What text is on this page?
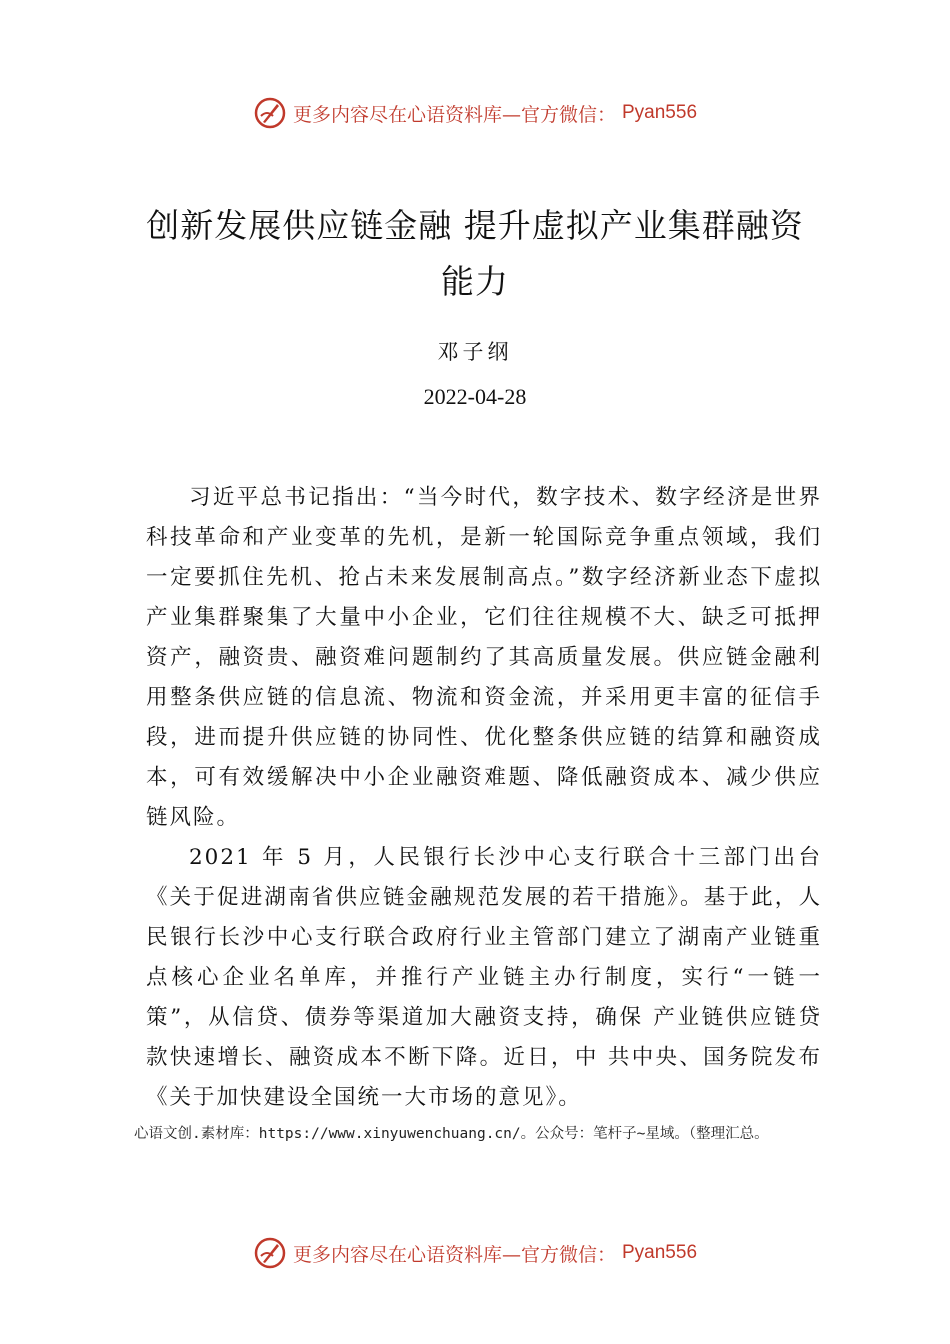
更多内容尽在心语资料库—官方微信： Pyan556
创新发展供应链金融 提升虚拟产业集群融资能力
邓子纲
2022-04-28

习近平总书记指出：“当今时代，数字技术、数字经济是世界科技革命和产业变革的先机，是新一轮国际竞争重点领域，我们一定要抓住先机、抢占未来发展制高点。”数字经济新业态下虚拟产业集群聚集了大量中小企业，它们往往规模不大、缺乏可抵押资产，融资贵、融资难问题制约了其高质量发展。供应链金融利用整条供应链的信息流、物流和资金流，并采用更丰富的征信手段，进而提升供应链的协同性、优化整条供应链的结算和融资成本，可有效缓解决中小企业融资难题、降低融资成本、减少供应链风险。

2021 年 5 月，人民银行长沙中心支行联合十三部门出台《关于促进湖南省供应链金融规范发展的若干措施》。基于此，人民银行长沙中心支行联合政府行业主管部门建立了湖南产业链重点核心企业名单库，并推行产业链主办行制度，实行“一链一策”，从信贷、债券等渠道加大融资支持，确保 产业链供应链贷款快速增长、融资成本不断下降。近日，中 共中央、国务院发布《关于加快建设全国统一大市场的意见》。

心语文创.素材库：https://www.xinyuwenchuang.cn/。公众号：笔杆子~星域。（整理汇总。
更多内容尽在心语资料库—官方微信： Pyan556
